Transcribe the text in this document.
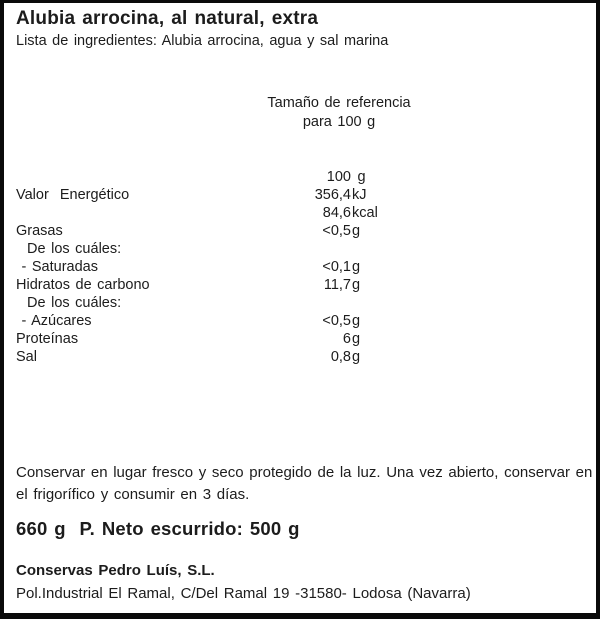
Alubia arrocina, al natural, extra
Lista de ingredientes: Alubia arrocina, agua y sal marina
Tamaño de referencia
para 100 g
100 g
Valor  Energético	356,4 kJ
84,6 kcal
Grasas	<0,5 g
De los cuáles:
- Saturadas	<0,1 g
Hidratos de carbono	11,7 g
De los cuáles:
- Azúcares	<0,5 g
Proteínas	6 g
Sal	0,8 g
Conservar en lugar fresco y seco protegido de la luz. Una vez abierto, conservar en el frigorífico y consumir en 3 días.
660 g  P. Neto escurrido: 500 g
Conservas Pedro Luís, S.L.
Pol.Industrial El Ramal, C/Del Ramal 19 -31580- Lodosa (Navarra)
